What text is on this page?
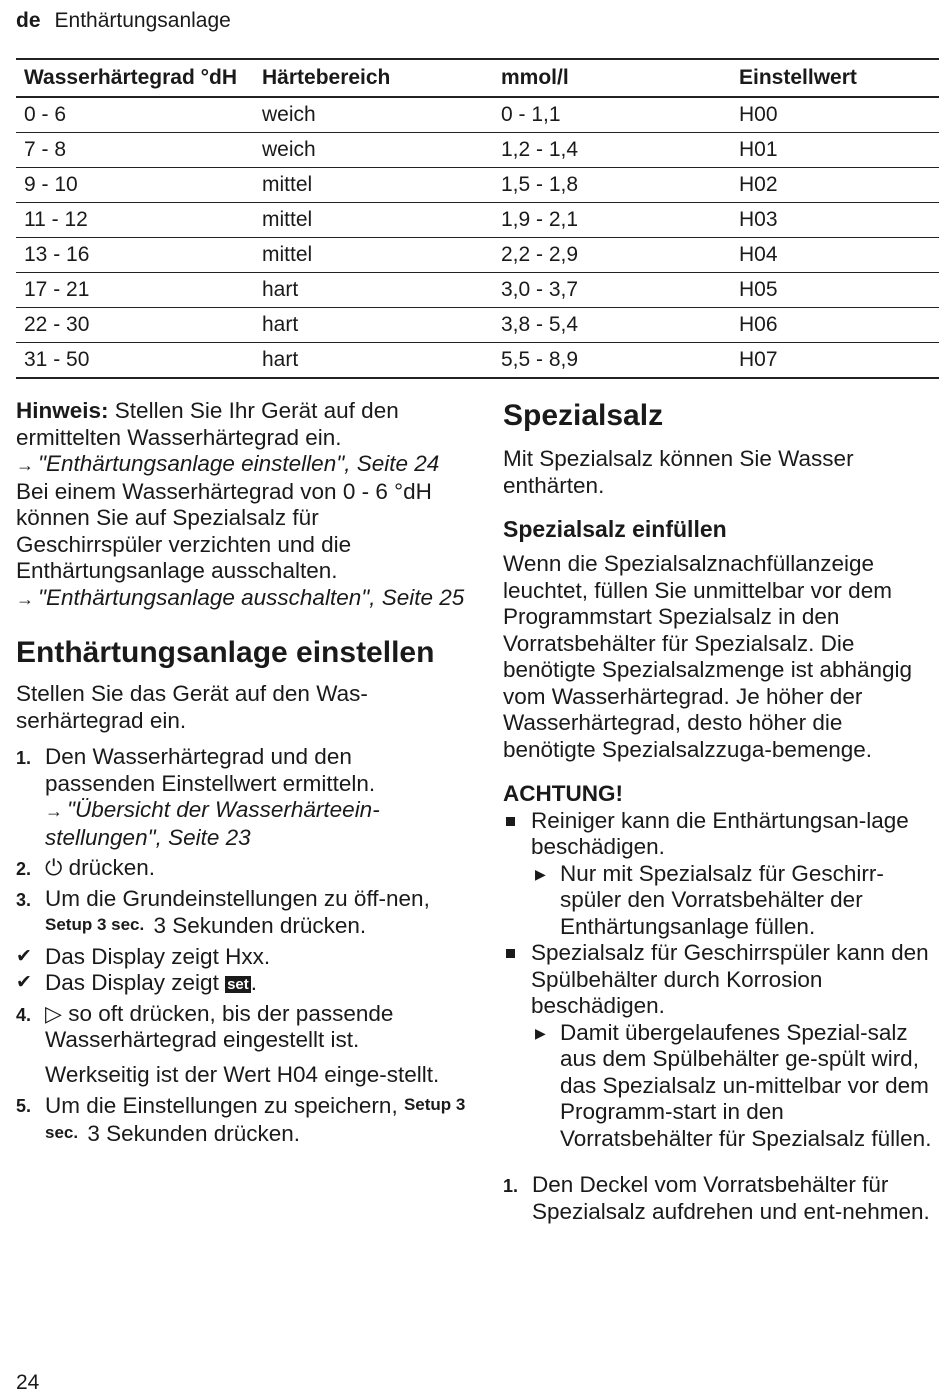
de Enthärtungsanlage
Wasserhärtegrad °dH	Härtebereich	mmol/l	Einstellwert
0 - 6	weich	0 - 1,1	H00
7 - 8	weich	1,2 - 1,4	H01
9 - 10	mittel	1,5 - 1,8	H02
11 - 12	mittel	1,9 - 2,1	H03
13 - 16	mittel	2,2 - 2,9	H04
17 - 21	hart	3,0 - 3,7	H05
22 - 30	hart	3,8 - 5,4	H06
31 - 50	hart	5,5 - 8,9	H07

Hinweis: Stellen Sie Ihr Gerät auf den ermittelten Wasserhärtegrad ein.

→ "Enthärtungsanlage einstellen", Seite 24

Bei einem Wasserhärtegrad von 0 - 6 °dH können Sie auf Spezialsalz für Geschirrspüler verzichten und die Enthärtungsanlage ausschalten.

→ "Enthärtungsanlage ausschalten", Seite 25

Enthärtungsanlage einstellen

Stellen Sie das Gerät auf den Was-serhärtegrad ein.

1. Den Wasserhärtegrad und den passenden Einstellwert ermitteln.
→ "Übersicht der Wasserhärteein-stellungen", Seite 23
2. ⏻ drücken.
3. Um die Grundeinstellungen zu öff-nen, Setup 3 sec. 3 Sekunden drücken.
✔ Das Display zeigt Hxx.
✔ Das Display zeigt set.
4. ▷ so oft drücken, bis der passende Wasserhärtegrad eingestellt ist.

Werkseitig ist der Wert H04 einge-stellt.

5. Um die Einstellungen zu speichern, Setup 3 sec. 3 Sekunden drücken.
Spezialsalz

Mit Spezialsalz können Sie Wasser enthärten.

Spezialsalz einfüllen

Wenn die Spezialsalznachfüllanzeige leuchtet, füllen Sie unmittelbar vor dem Programmstart Spezialsalz in den Vorratsbehälter für Spezialsalz. Die benötigte Spezialsalzmenge ist abhängig vom Wasserhärtegrad. Je höher der Wasserhärtegrad, desto höher die benötigte Spezialsalzzuga-bemenge.

ACHTUNG!

Reiniger kann die Enthärtungsan-lage beschädigen.
▶ Nur mit Spezialsalz für Geschirr-spüler den Vorratsbehälter der Enthärtungsanlage füllen.
Spezialsalz für Geschirrspüler kann den Spülbehälter durch Korrosion beschädigen.
▶ Damit übergelaufenes Spezial-salz aus dem Spülbehälter ge-spült wird, das Spezialsalz un-mittelbar vor dem Programm-start in den Vorratsbehälter für Spezialsalz füllen.
1. Den Deckel vom Vorratsbehälter für Spezialsalz aufdrehen und ent-nehmen.
24
